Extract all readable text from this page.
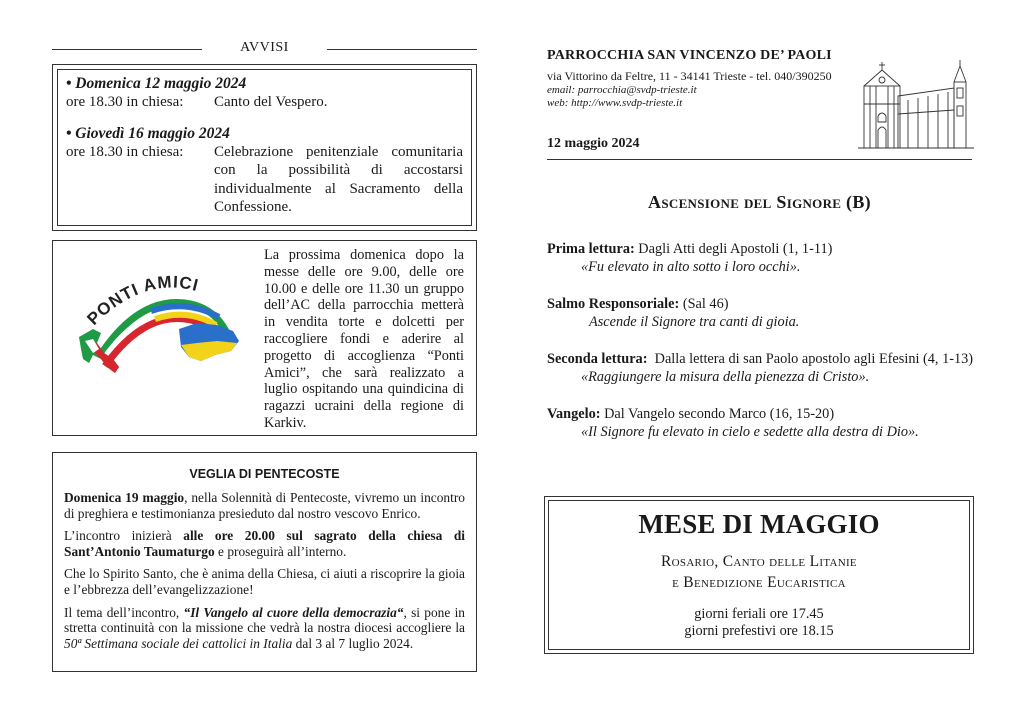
AVVISI
• Domenica 12 maggio 2024
ore 18.30 in chiesa:	Canto del Vespero.
• Giovedì 16 maggio 2024
ore 18.30 in chiesa:	Celebrazione penitenziale comunitaria con la possibilità di accostarsi individualmente al Sacramento della Confessione.
PONTI AMICI
La prossima domenica dopo la messe delle ore 9.00, delle ore 10.00 e delle ore 11.30 un gruppo dell’AC della parrocchia metterà in vendita torte e dolcetti per raccogliere fondi e aderire al progetto di accoglienza “Ponti Amici”, che sarà realizzato a luglio ospitando una quindicina di ragazzi ucraini della regione di Karkiv.
VEGLIA DI PENTECOSTE

Domenica 19 maggio, nella Solennità di Pentecoste, vivremo un incontro di preghiera e testimonianza presieduto dal nostro vescovo Enrico.

L’incontro inizierà alle ore 20.00 sul sagrato della chiesa di Sant’Antonio Taumaturgo e proseguirà all’interno.

Che lo Spirito Santo, che è anima della Chiesa, ci aiuti a riscoprire la gioia e l’ebbrezza dell’evangelizzazione!

Il tema dell’incontro, “Il Vangelo al cuore della democrazia“, si pone in stretta continuità con la missione che vedrà la nostra diocesi accogliere la 50ª Settimana sociale dei cattolici in Italia dal 3 al 7 luglio 2024.

PARROCCHIA SAN VINCENZO DE’ PAOLI
via Vittorino da Feltre, 11 - 34141 Trieste - tel. 040/390250
email: parrocchia@svdp-trieste.it
web: http://www.svdp-trieste.it
12 maggio 2024
Ascensione del Signore (B)
Prima lettura: Dagli Atti degli Apostoli (1, 1-11)
«Fu elevato in alto sotto i loro occhi».
Salmo Responsoriale: (Sal 46)
Ascende il Signore tra canti di gioia.
Seconda lettura:  Dalla lettera di san Paolo apostolo agli Efesini (4, 1-13)
«Raggiungere la misura della pienezza di Cristo».
Vangelo: Dal Vangelo secondo Marco (16, 15-20)
«Il Signore fu elevato in cielo e sedette alla destra di Dio».
MESE DI MAGGIO
Rosario, Canto delle Litanie
e Benedizione Eucaristica
giorni feriali ore 17.45
giorni prefestivi ore 18.15
